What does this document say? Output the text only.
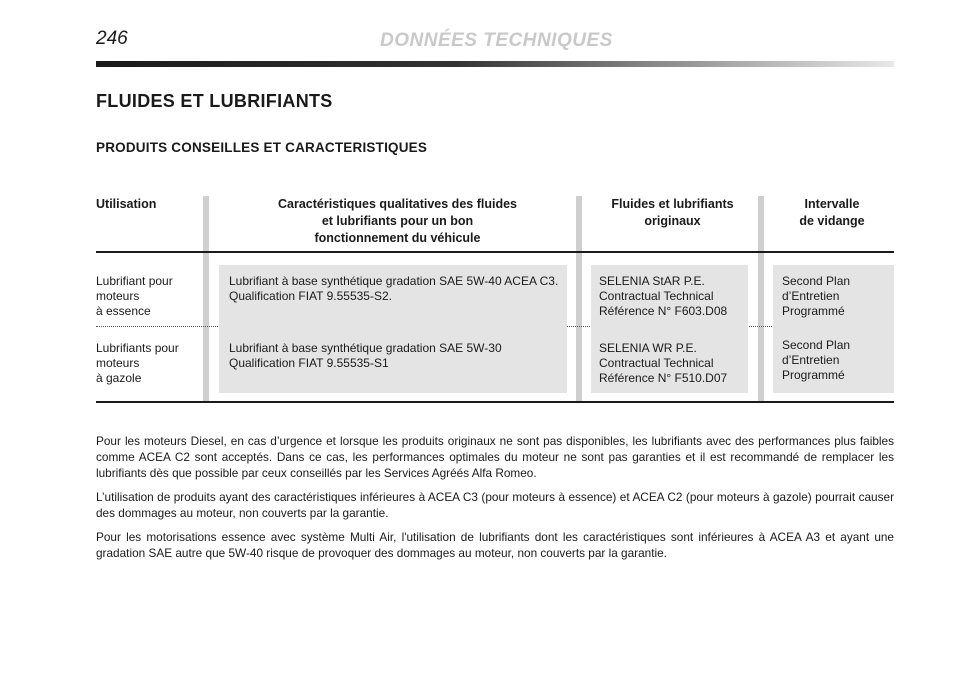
246	DONNÉES TECHNIQUES
FLUIDES ET LUBRIFIANTS
PRODUITS CONSEILLES ET CARACTERISTIQUES
Utilisation	Caractéristiques qualitatives des fluides
et lubrifiants pour un bon
fonctionnement du véhicule
Fluides et lubrifiants
originaux
Intervalle
de vidange
Lubrifiant pour
moteurs
à essence
Lubrifiant à base synthétique gradation SAE 5W-40 ACEA C3.
Qualification FIAT 9.55535-S2.
SELENIA StAR P.E.
Contractual Technical
Référence N° F603.D08
Second Plan
d’Entretien
Programmé
Lubrifiants pour
moteurs
à gazole
Lubrifiant à base synthétique gradation SAE 5W-30
Qualification FIAT 9.55535-S1
SELENIA WR P.E.
Contractual Technical
Référence N° F510.D07
Second Plan
d’Entretien
Programmé
Pour les moteurs Diesel, en cas d’urgence et lorsque les produits originaux ne sont pas disponibles, les lubrifiants avec des performances plus faibles comme ACEA C2 sont acceptés. Dans ce cas, les performances optimales du moteur ne sont pas garanties et il est recommandé de remplacer les lubrifiants dès que possible par ceux conseillés par les Services Agréés Alfa Romeo.
L’utilisation de produits ayant des caractéristiques inférieures à ACEA C3 (pour moteurs à essence) et ACEA C2 (pour moteurs à gazole) pourrait causer des dommages au moteur, non couverts par la garantie.
Pour les motorisations essence avec système Multi Air, l'utilisation de lubrifiants dont les caractéristiques sont inférieures à ACEA A3 et ayant une gradation SAE autre que 5W-40 risque de provoquer des dommages au moteur, non couverts par la garantie.
